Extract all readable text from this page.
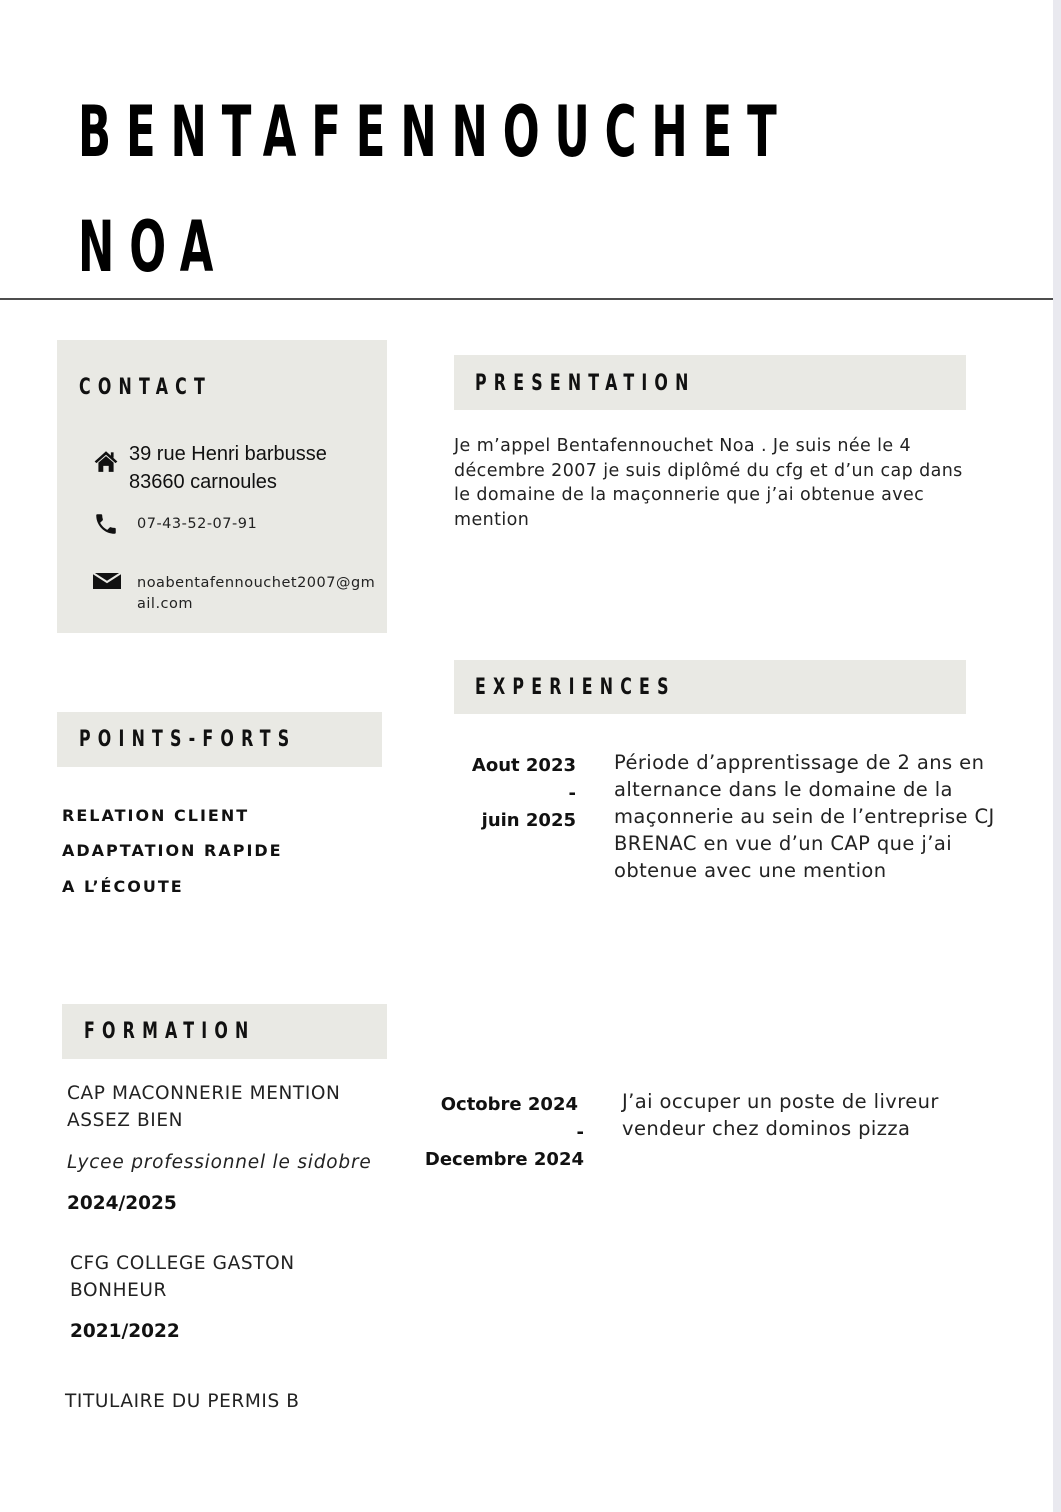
BENTAFENNOUCHET
NOA
CONTACT
39 rue Henri barbusse
83660 carnoules
07-43-52-07-91
noabentafennouchet2007@gmail.com
PRESENTATION
Je m’appel Bentafennouchet Noa . Je suis née le 4 décembre 2007 je suis diplômé du cfg et d’un cap dans le domaine de la maçonnerie que j’ai obtenue avec mention
EXPERIENCES
Aout 2023
-
juin 2025
Période d’apprentissage de 2 ans en alternance dans le domaine de la maçonnerie au sein de l’entreprise CJ BRENAC en vue d’un CAP que j’ai obtenue avec une mention
Octobre 2024
-
Decembre 2024
J’ai occuper un poste de livreur vendeur chez dominos pizza
POINTS-FORTS
RELATION CLIENT
ADAPTATION RAPIDE
A L’ÉCOUTE
FORMATION
CAP MACONNERIE MENTION ASSEZ BIEN
Lycee professionnel le sidobre
2024/2025
CFG COLLEGE GASTON BONHEUR
2021/2022
TITULAIRE DU PERMIS B
